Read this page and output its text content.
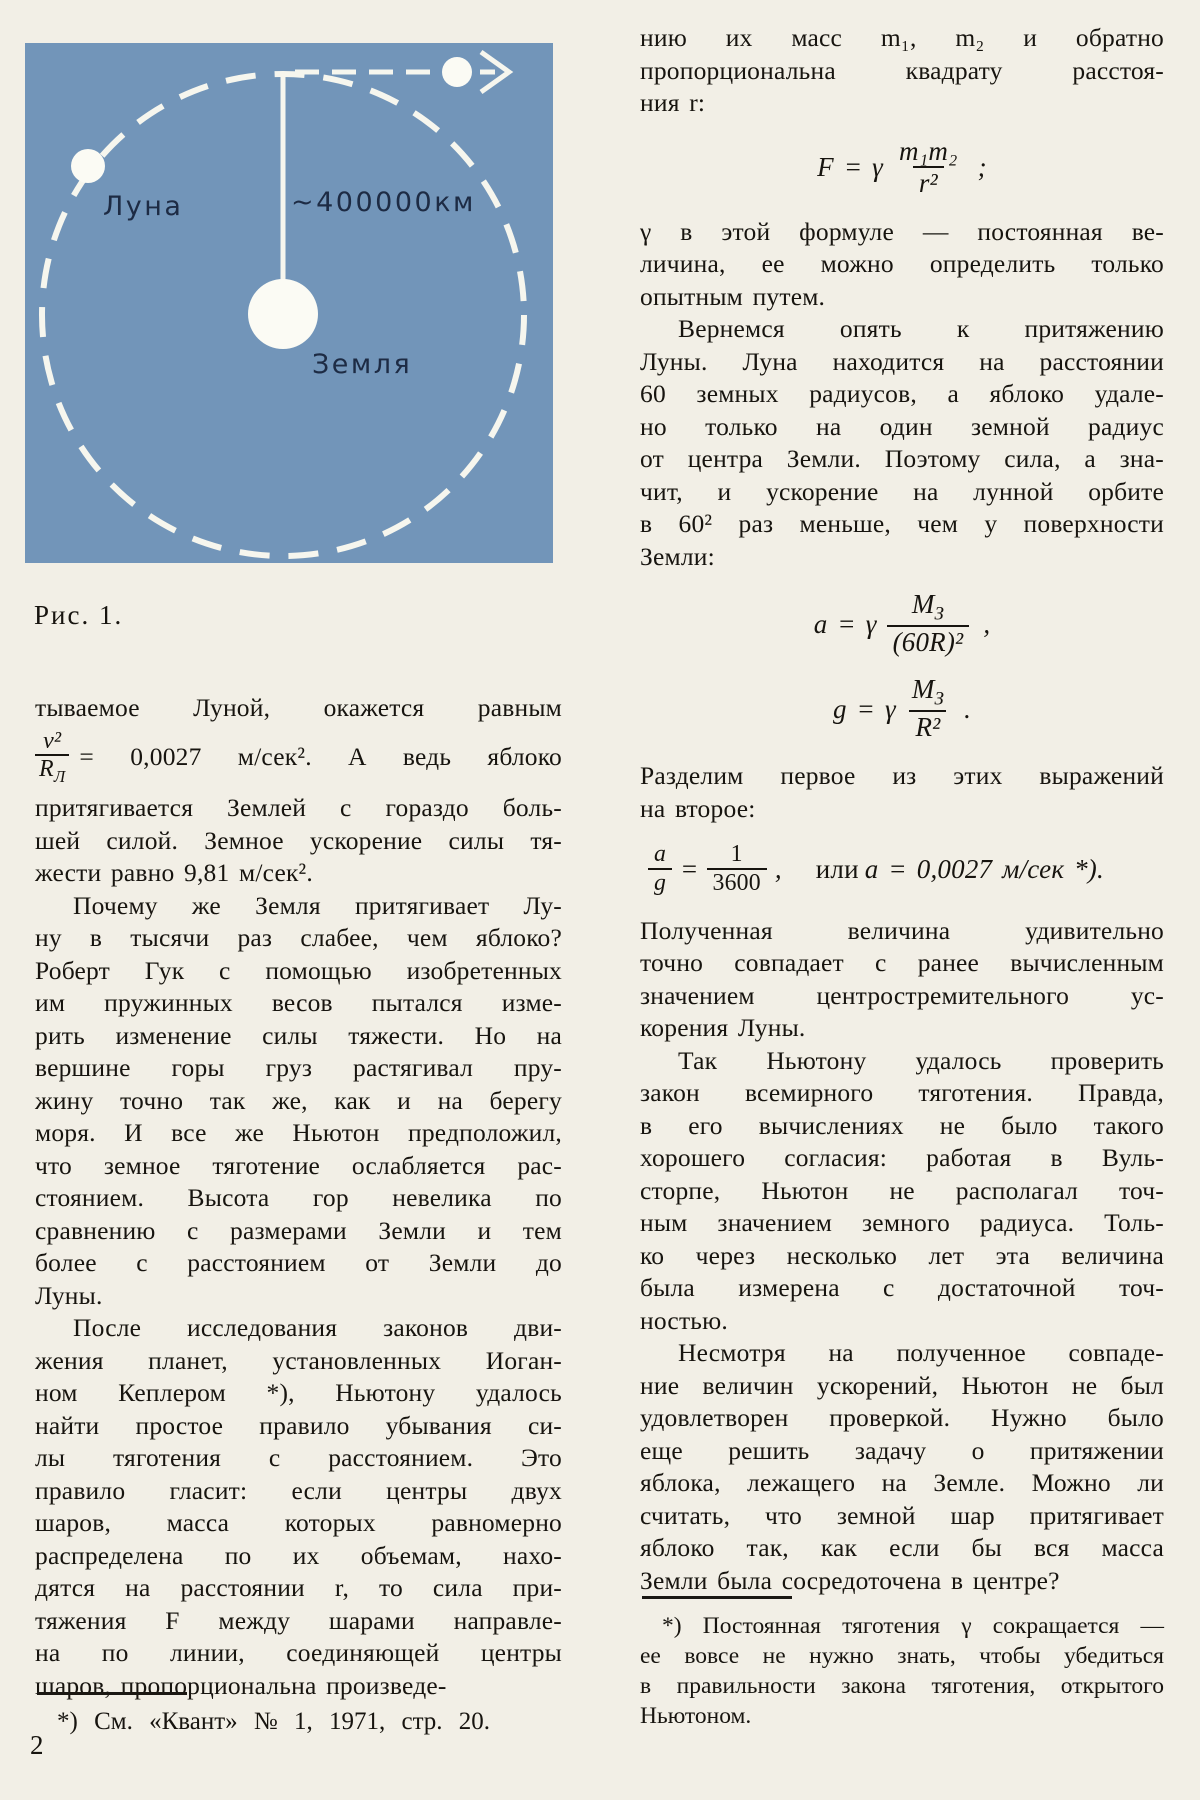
Луна	~400000км
Земля
Рис. 1.
тываемое Луной, окажется равным
v²
$R_Л$
= 0,0027 м/сек². А ведь яблоко
притягивается Землей с гораздо боль-
шей силой. Земное ускорение силы тя-
жести равно 9,81 м/сек².
Почему же Земля притягивает Лу-
ну в тысячи раз слабее, чем яблоко?
Роберт Гук с помощью изобретенных
им пружинных весов пытался изме-
рить изменение силы тяжести. Но на
вершине горы груз растягивал пру-
жину точно так же, как и на берегу
моря. И все же Ньютон предположил,
что земное тяготение ослабляется рас-
стоянием. Высота гор невелика по
сравнению с размерами Земли и тем
более с расстоянием от Земли до
Луны.
После исследования законов дви-
жения планет, установленных Иоган-
ном Кеплером *), Ньютону удалось
найти простое правило убывания си-
лы тяготения с расстоянием. Это
правило гласит: если центры двух
шаров, масса которых равномерно
распределена по их объемам, нахо-
дятся на расстоянии r, то сила при-
тяжения F между шарами направле-
на по линии, соединяющей центры
шаров, пропорциональна произведе-
*) См. «Квант» № 1, 1971, стр. 20.
2
нию их масс m₁, m₂ и обратно
пропорциональна квадрату расстоя-
ния r:
F = γ $\frac{\text{m₁m₂}}{\text{r²}}$ ;
γ в этой формуле — постоянная ве-
личина, ее можно определить только
опытным путем.
Вернемся опять к притяжению
Луны. Луна находится на расстоянии
60 земных радиусов, а яблоко удале-
но только на один земной радиус
от центра Земли. Поэтому сила, а зна-
чит, и ускорение на лунной орбите
в 60² раз меньше, чем у поверхности
Земли:
a = γ $\frac{M_З}{\text{(60R)²}}$ ,
g = γ $\frac{M_З}{\text{R²}}$ .
Разделим первое из этих выражений
на второе:
$\frac{a}{g} = \frac{1}{3600}$ , или a = 0,0027 м/сек *).
Полученная величина удивительно
точно совпадает с ранее вычисленным
значением центростремительного ус-
корения Луны.
Так Ньютону удалось проверить
закон всемирного тяготения. Правда,
в его вычислениях не было такого
хорошего согласия: работая в Вуль-
сторпе, Ньютон не располагал точ-
ным значением земного радиуса. Толь-
ко через несколько лет эта величина
была измерена с достаточной точ-
ностью.
Несмотря на полученное совпаде-
ние величин ускорений, Ньютон не был
удовлетворен проверкой. Нужно было
еще решить задачу о притяжении
яблока, лежащего на Земле. Можно ли
считать, что земной шар притягивает
яблоко так, как если бы вся масса
Земли была сосредоточена в центре?
*) Постоянная тяготения γ сокращается —
ее вовсе не нужно знать, чтобы убедиться
в правильности закона тяготения, открытого
Ньютоном.
